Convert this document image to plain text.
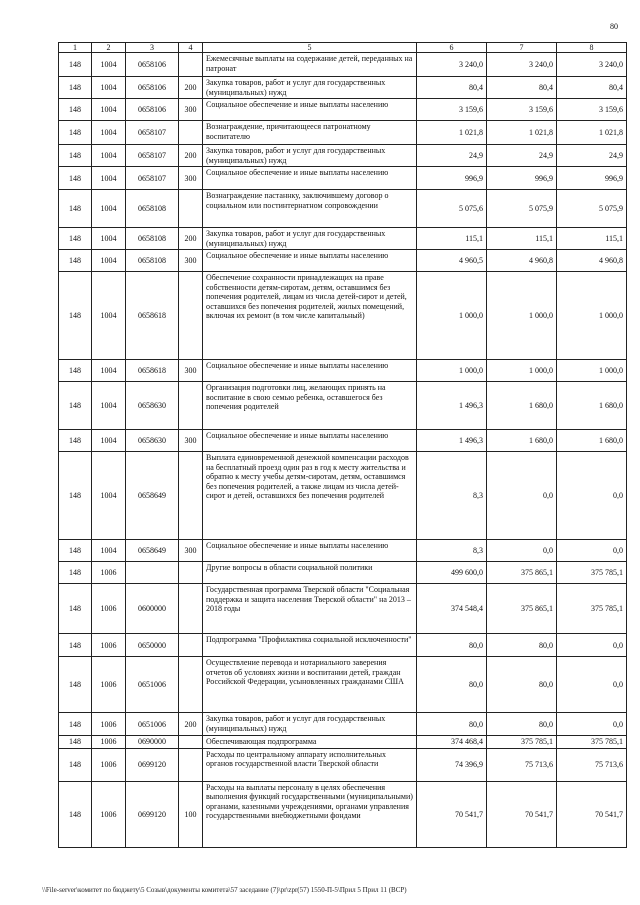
80
1	2	3	4	5	6	7	8
148	1004	0658106		Ежемесячные выплаты на содержание детей, переданных на патронат	3 240,0	3 240,0	3 240,0
148	1004	0658106	200	Закупка товаров, работ и услуг для государственных (муниципальных) нужд	80,4	80,4	80,4
148	1004	0658106	300	Социальное обеспечение и иные выплаты населению	3 159,6	3 159,6	3 159,6
148	1004	0658107		Вознаграждение, причитающееся патронатному воспитателю	1 021,8	1 021,8	1 021,8
148	1004	0658107	200	Закупка товаров, работ и услуг для государственных (муниципальных) нужд	24,9	24,9	24,9
148	1004	0658107	300	Социальное обеспечение и иные выплаты населению	996,9	996,9	996,9
148	1004	0658108		Вознаграждение пастаннку, заключившему договор о социальном или постинтернатном сопровождении	5 075,6	5 075,9	5 075,9
148	1004	0658108	200	Закупка товаров, работ и услуг для государственных (муниципальных) нужд	115,1	115,1	115,1
148	1004	0658108	300	Социальное обеспечение и иные выплаты населению	4 960,5	4 960,8	4 960,8
148	1004	0658618		Обеспечение сохранности принадлежащих на праве собственности детям-сиротам, детям, оставшимся без попечения родителей, лицам из числа детей-сирот и детей, оставшихся без попечения родителей, жилых помещений, включая их ремонт (в том числе капитальный)	1 000,0	1 000,0	1 000,0
148	1004	0658618	300	Социальное обеспечение и иные выплаты населению	1 000,0	1 000,0	1 000,0
148	1004	0658630		Организация подготовки лиц, желающих принять на воспитание в свою семью ребенка, оставшегося без попечения родителей	1 496,3	1 680,0	1 680,0
148	1004	0658630	300	Социальное обеспечение и иные выплаты населению	1 496,3	1 680,0	1 680,0
148	1004	0658649		Выплата единовременной денежной компенсации расходов на бесплатный проезд один раз в год к месту жительства и обратно к месту учебы детям-сиротам, детям, оставшимся без попечения родителей, а также лицам из числа детей-сирот и детей, оставшихся без попечения родителей	8,3	0,0	0,0
148	1004	0658649	300	Социальное обеспечение и иные выплаты населению	8,3	0,0	0,0
148	1006			Другие вопросы в области социальной политики	499 600,0	375 865,1	375 785,1
148	1006	0600000		Государственная программа Тверской области "Социальная поддержка и защита населения Тверской области" на 2013 – 2018 годы	374 548,4	375 865,1	375 785,1
148	1006	0650000		Подпрограмма "Профилактика социальной исключенности"	80,0	80,0	0,0
148	1006	0651006		Осуществление перевода и нотариального заверения отчетов об условиях жизни и воспитании детей, граждан Российской Федерации, усыновленных гражданами США	80,0	80,0	0,0
148	1006	0651006	200	Закупка товаров, работ и услуг для государственных (муниципальных) нужд	80,0	80,0	0,0
148	1006	0690000		Обеспечивающая подпрограмма	374 468,4	375 785,1	375 785,1
148	1006	0699120		Расходы по центральному аппарату исполнительных органов государственной власти Тверской области	74 396,9	75 713,6	75 713,6
148	1006	0699120	100	Расходы на выплаты персоналу в целях обеспечения выполнения функций государственными (муниципальными) органами, казенными учреждениями, органами управления государственными внебюджетными фондами	70 541,7	70 541,7	70 541,7
\\File-server\комитет по бюджету\5 Созыв\документы комитета\57 заседание (7)\pr\zpr(57) 1550-П-5\Прил 5 Прил 11 (ВСР)
